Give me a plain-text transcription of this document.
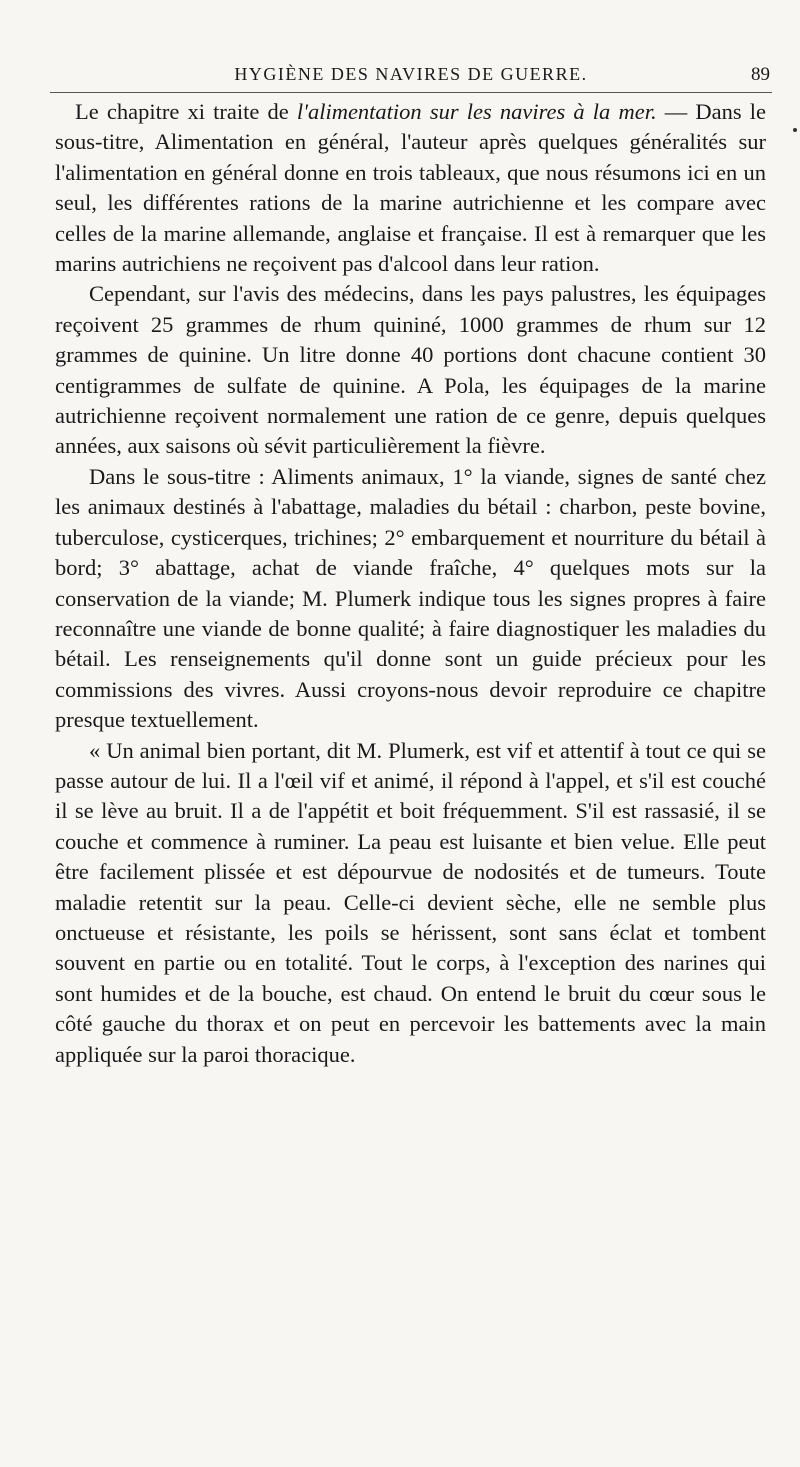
HYGIÈNE DES NAVIRES DE GUERRE.	89

Le chapitre xi traite de l'alimentation sur les navires à la mer. — Dans le sous-titre, Alimentation en général, l'auteur après quelques généralités sur l'alimentation en général donne en trois tableaux, que nous résumons ici en un seul, les différentes rations de la marine autrichienne et les compare avec celles de la marine allemande, anglaise et française. Il est à remarquer que les marins autrichiens ne reçoivent pas d'alcool dans leur ration.

Cependant, sur l'avis des médecins, dans les pays palustres, les équipages reçoivent 25 grammes de rhum quininé, 1000 grammes de rhum sur 12 grammes de quinine. Un litre donne 40 portions dont chacune contient 30 centigrammes de sulfate de quinine. A Pola, les équipages de la marine autrichienne reçoivent normalement une ration de ce genre, depuis quelques années, aux saisons où sévit particulièrement la fièvre.

Dans le sous-titre : Aliments animaux, 1° la viande, signes de santé chez les animaux destinés à l'abattage, maladies du bétail : charbon, peste bovine, tuberculose, cysticerques, trichines; 2° embarquement et nourriture du bétail à bord; 3° abattage, achat de viande fraîche, 4° quelques mots sur la conservation de la viande; M. Plumerk indique tous les signes propres à faire reconnaître une viande de bonne qualité; à faire diagnostiquer les maladies du bétail. Les renseignements qu'il donne sont un guide précieux pour les commissions des vivres. Aussi croyons-nous devoir reproduire ce chapitre presque textuellement.

« Un animal bien portant, dit M. Plumerk, est vif et attentif à tout ce qui se passe autour de lui. Il a l'œil vif et animé, il répond à l'appel, et s'il est couché il se lève au bruit. Il a de l'appétit et boit fréquemment. S'il est rassasié, il se couche et commence à ruminer. La peau est luisante et bien velue. Elle peut être facilement plissée et est dépourvue de nodosités et de tumeurs. Toute maladie retentit sur la peau. Celle-ci devient sèche, elle ne semble plus onctueuse et résistante, les poils se hérissent, sont sans éclat et tombent souvent en partie ou en totalité. Tout le corps, à l'exception des narines qui sont humides et de la bouche, est chaud. On entend le bruit du cœur sous le côté gauche du thorax et on peut en percevoir les battements avec la main appliquée sur la paroi thoracique.
